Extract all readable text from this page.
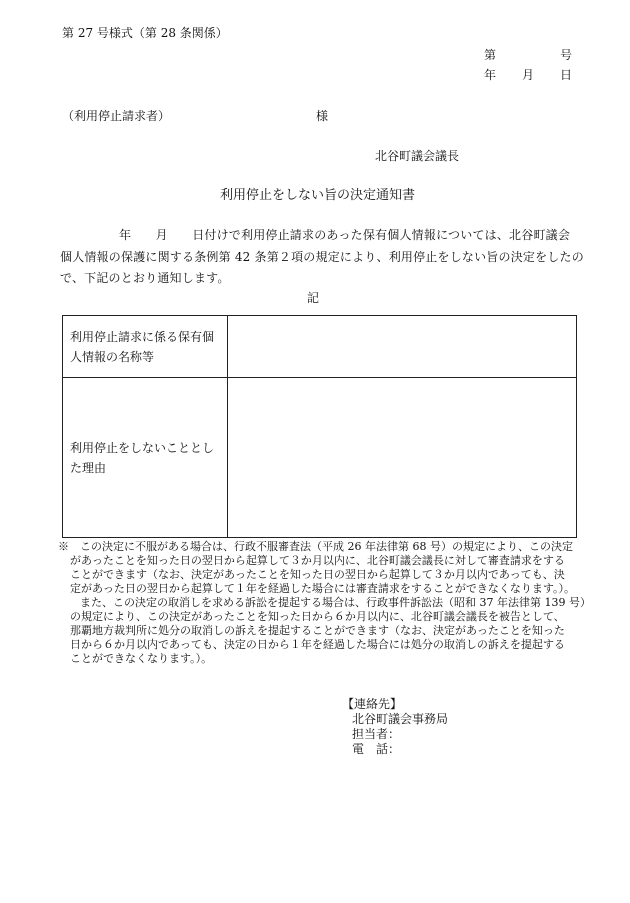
第 27 号様式（第 28 条関係）
第	号
年 月 日
（利用停止請求者）	様
北谷町議会議長
利用停止をしない旨の決定通知書
年　　月　　日付けで利用停止請求のあった保有個人情報については、北谷町議会
個人情報の保護に関する条例第 42 条第２項の規定により、利用停止をしない旨の決定をしたの
で、下記のとおり通知します。
記
利用停止請求に係る保有個
人情報の名称等	

利用停止をしないこととし
た理由	

※　この決定に不服がある場合は、行政不服審査法（平成 26 年法律第 68 号）の規定により、この決定
があったことを知った日の翌日から起算して３か月以内に、北谷町議会議長に対して審査請求をする
ことができます（なお、決定があったことを知った日の翌日から起算して３か月以内であっても、決
定があった日の翌日から起算して１年を経過した場合には審査請求をすることができなくなります。）。
また、この決定の取消しを求める訴訟を提起する場合は、行政事件訴訟法（昭和 37 年法律第 139 号）
の規定により、この決定があったことを知った日から６か月以内に、北谷町議会議長を被告として、
那覇地方裁判所に処分の取消しの訴えを提起することができます（なお、決定があったことを知った
日から６か月以内であっても、決定の日から１年を経過した場合には処分の取消しの訴えを提起する
ことができなくなります。）。
【連絡先】
北谷町議会事務局
担当者：
電　話：
